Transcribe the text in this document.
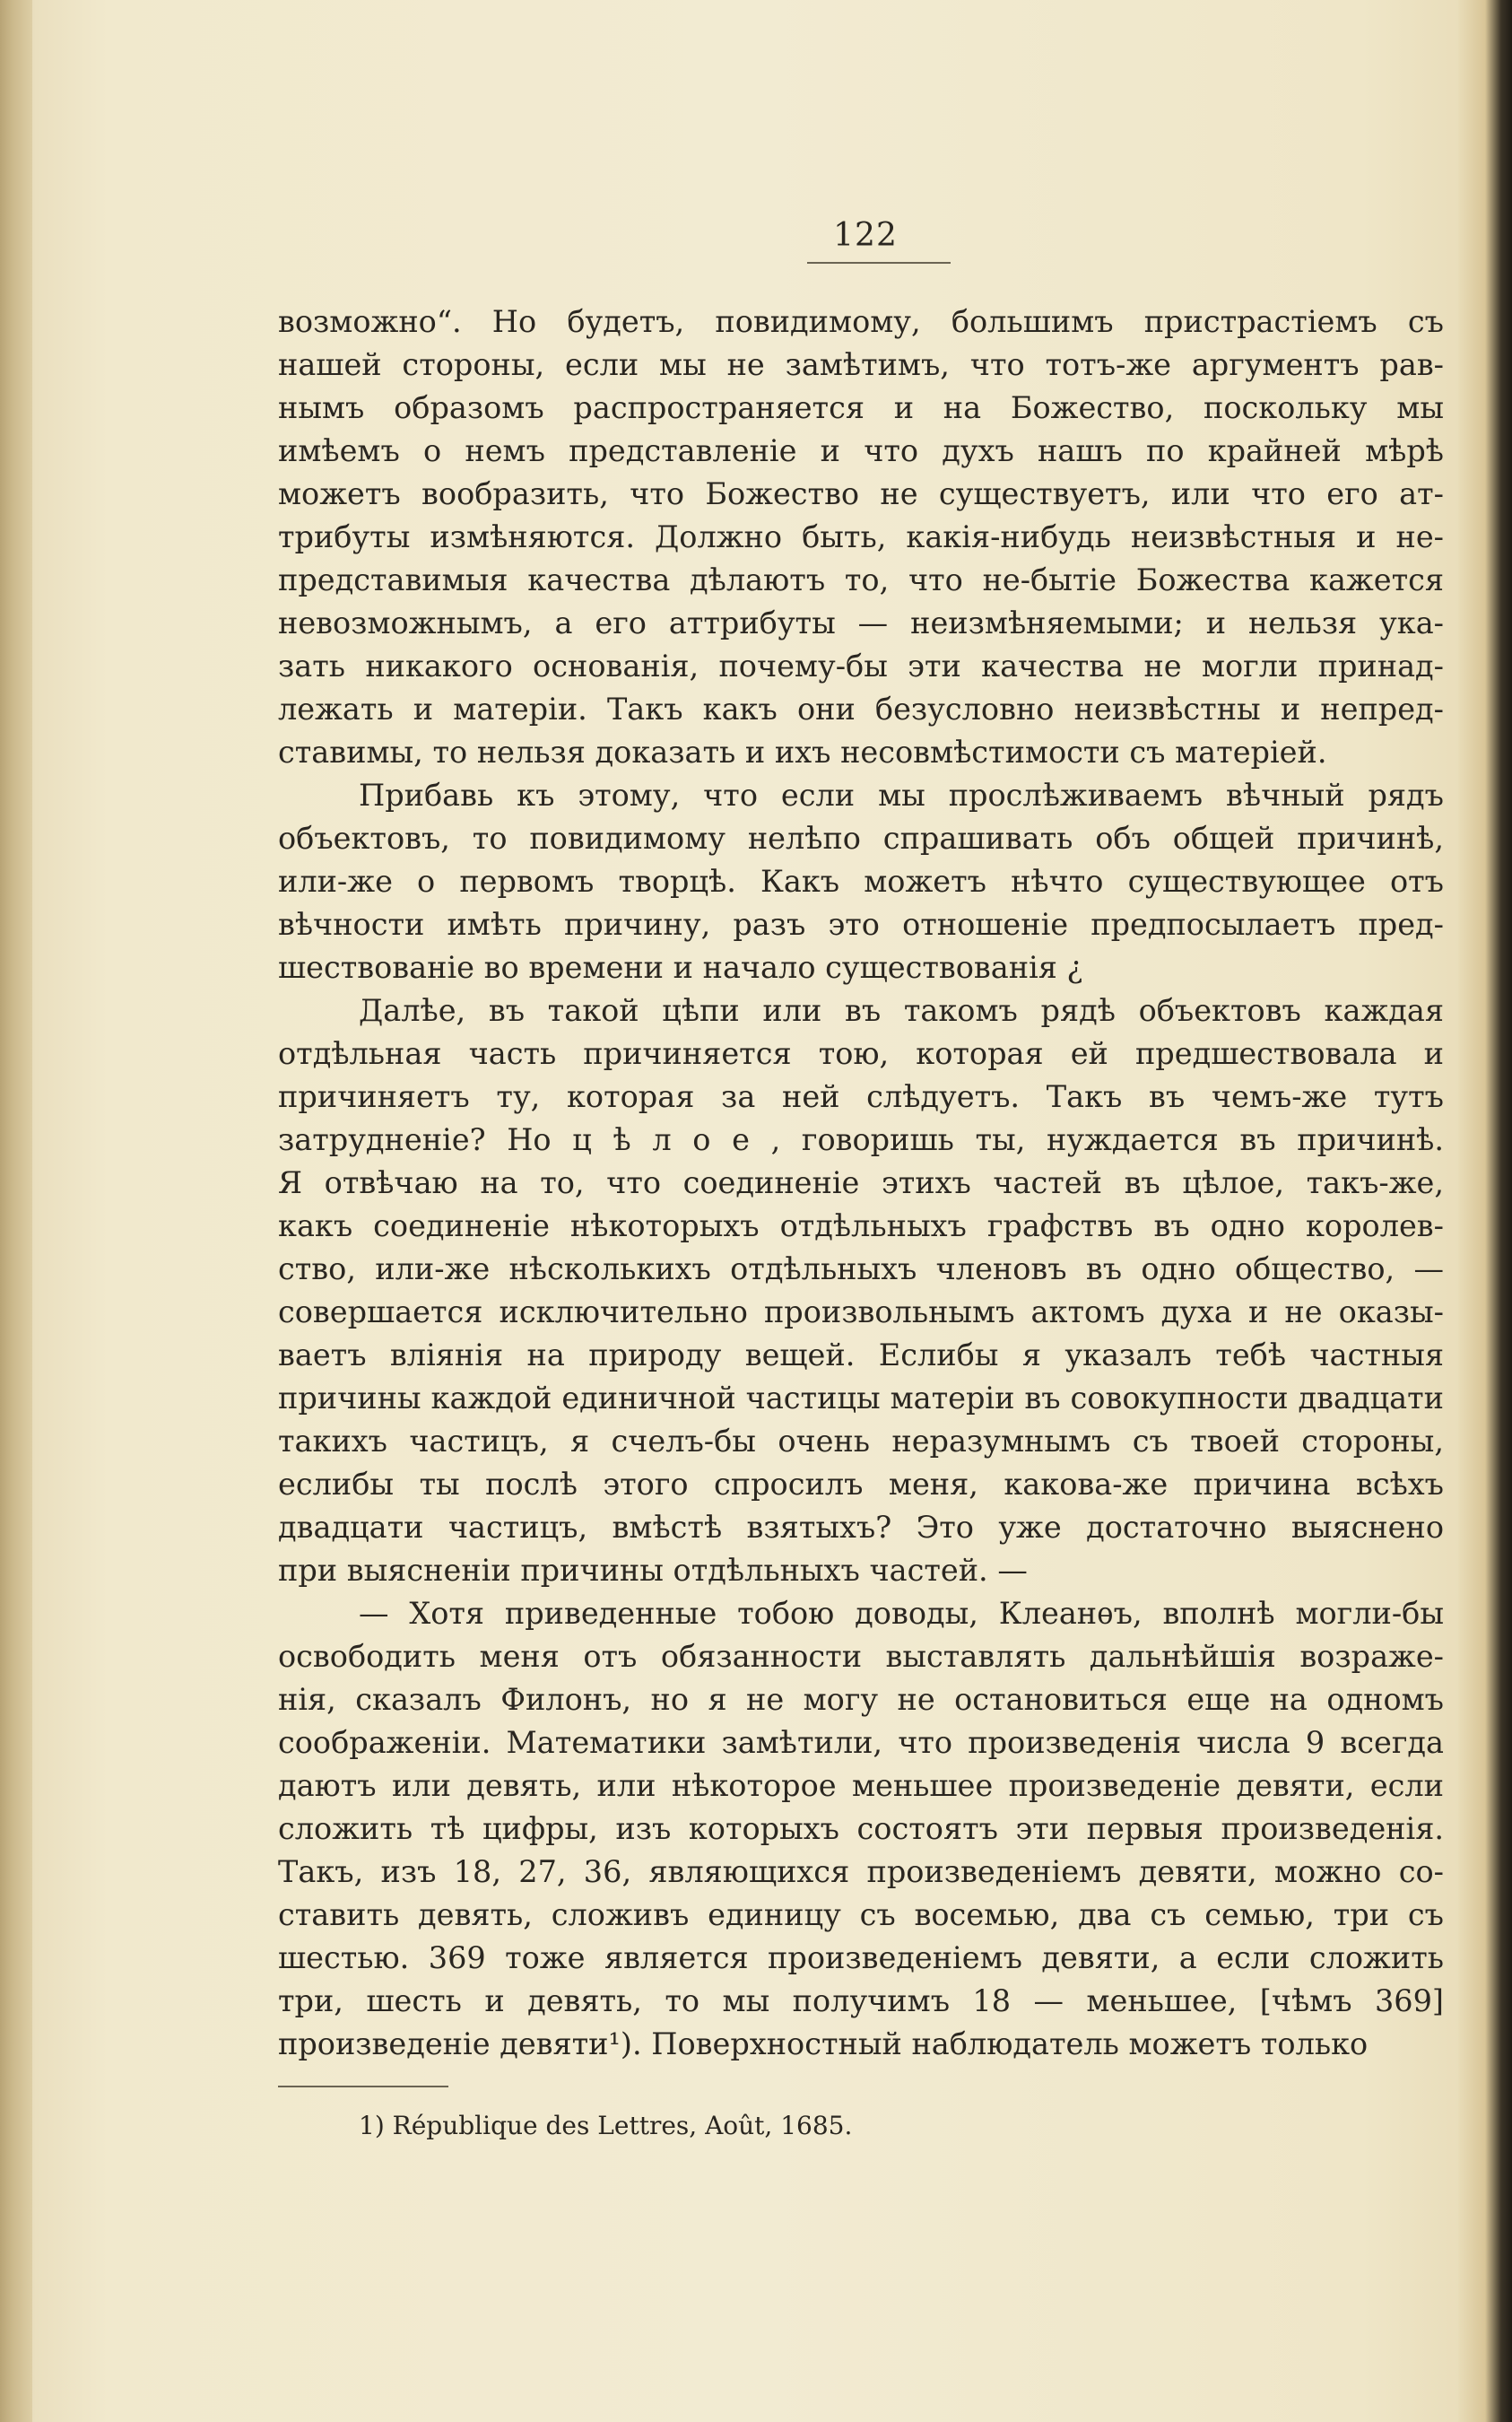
122
возможно“. Но будетъ, повидимому, большимъ пристрастіемъ съ
нашей стороны, если мы не замѣтимъ, что тотъ-же аргументъ рав-
нымъ образомъ распространяется и на Божество, поскольку мы
имѣемъ о немъ представленіе и что духъ нашъ по крайней мѣрѣ
можетъ вообразить, что Божество не существуетъ, или что его ат-
трибуты измѣняются. Должно быть, какія-нибудь неизвѣстныя и не-
представимыя качества дѣлаютъ то, что не-бытіе Божества кажется
невозможнымъ, а его аттрибуты — неизмѣняемыми; и нельзя ука-
зать никакого основанія, почему-бы эти качества не могли принад-
лежать и матеріи. Такъ какъ они безусловно неизвѣстны и непред-
ставимы, то нельзя доказать и ихъ несовмѣстимости съ матеріей.
Прибавь къ этому, что если мы прослѣживаемъ вѣчный рядъ
объектовъ, то повидимому нелѣпо спрашивать объ общей причинѣ,
или-же о первомъ творцѣ. Какъ можетъ нѣчто существующее отъ
вѣчности имѣть причину, разъ это отношеніе предпосылаетъ пред-
шествованіе во времени и начало существованія ¿
Далѣе, въ такой цѣпи или въ такомъ рядѣ объектовъ каждая
отдѣльная часть причиняется тою, которая ей предшествовала и
причиняетъ ту, которая за ней слѣдуетъ. Такъ въ чемъ-же тутъ
затрудненіе? Но ц ѣ л о е , говоришь ты, нуждается въ причинѣ.
Я отвѣчаю на то, что соединеніе этихъ частей въ цѣлое, такъ-же,
какъ соединеніе нѣкоторыхъ отдѣльныхъ графствъ въ одно королев-
ство, или-же нѣсколькихъ отдѣльныхъ членовъ въ одно общество, —
совершается исключительно произвольнымъ актомъ духа и не оказы-
ваетъ вліянія на природу вещей. Еслибы я указалъ тебѣ частныя
причины каждой единичной частицы матеріи въ совокупности двадцати
такихъ частицъ, я счелъ-бы очень неразумнымъ съ твоей стороны,
еслибы ты послѣ этого спросилъ меня, какова-же причина всѣхъ
двадцати частицъ, вмѣстѣ взятыхъ? Это уже достаточно выяснено
при выясненіи причины отдѣльныхъ частей. —
— Хотя приведенные тобою доводы, Клеанѳъ, вполнѣ могли-бы
освободить меня отъ обязанности выставлять дальнѣйшія возраже-
нія, сказалъ Филонъ, но я не могу не остановиться еще на одномъ
соображеніи. Математики замѣтили, что произведенія числа 9 всегда
даютъ или девять, или нѣкоторое меньшее произведеніе девяти, если
сложить тѣ цифры, изъ которыхъ состоятъ эти первыя произведенія.
Такъ, изъ 18, 27, 36, являющихся произведеніемъ девяти, можно со-
ставить девять, сложивъ единицу съ восемью, два съ семью, три съ
шестью. 369 тоже является произведеніемъ девяти, а если сложить
три, шесть и девять, то мы получимъ 18 — меньшее, [чѣмъ 369]
произведеніе девяти¹). Поверхностный наблюдатель можетъ только
1) République des Lettres, Août, 1685.
